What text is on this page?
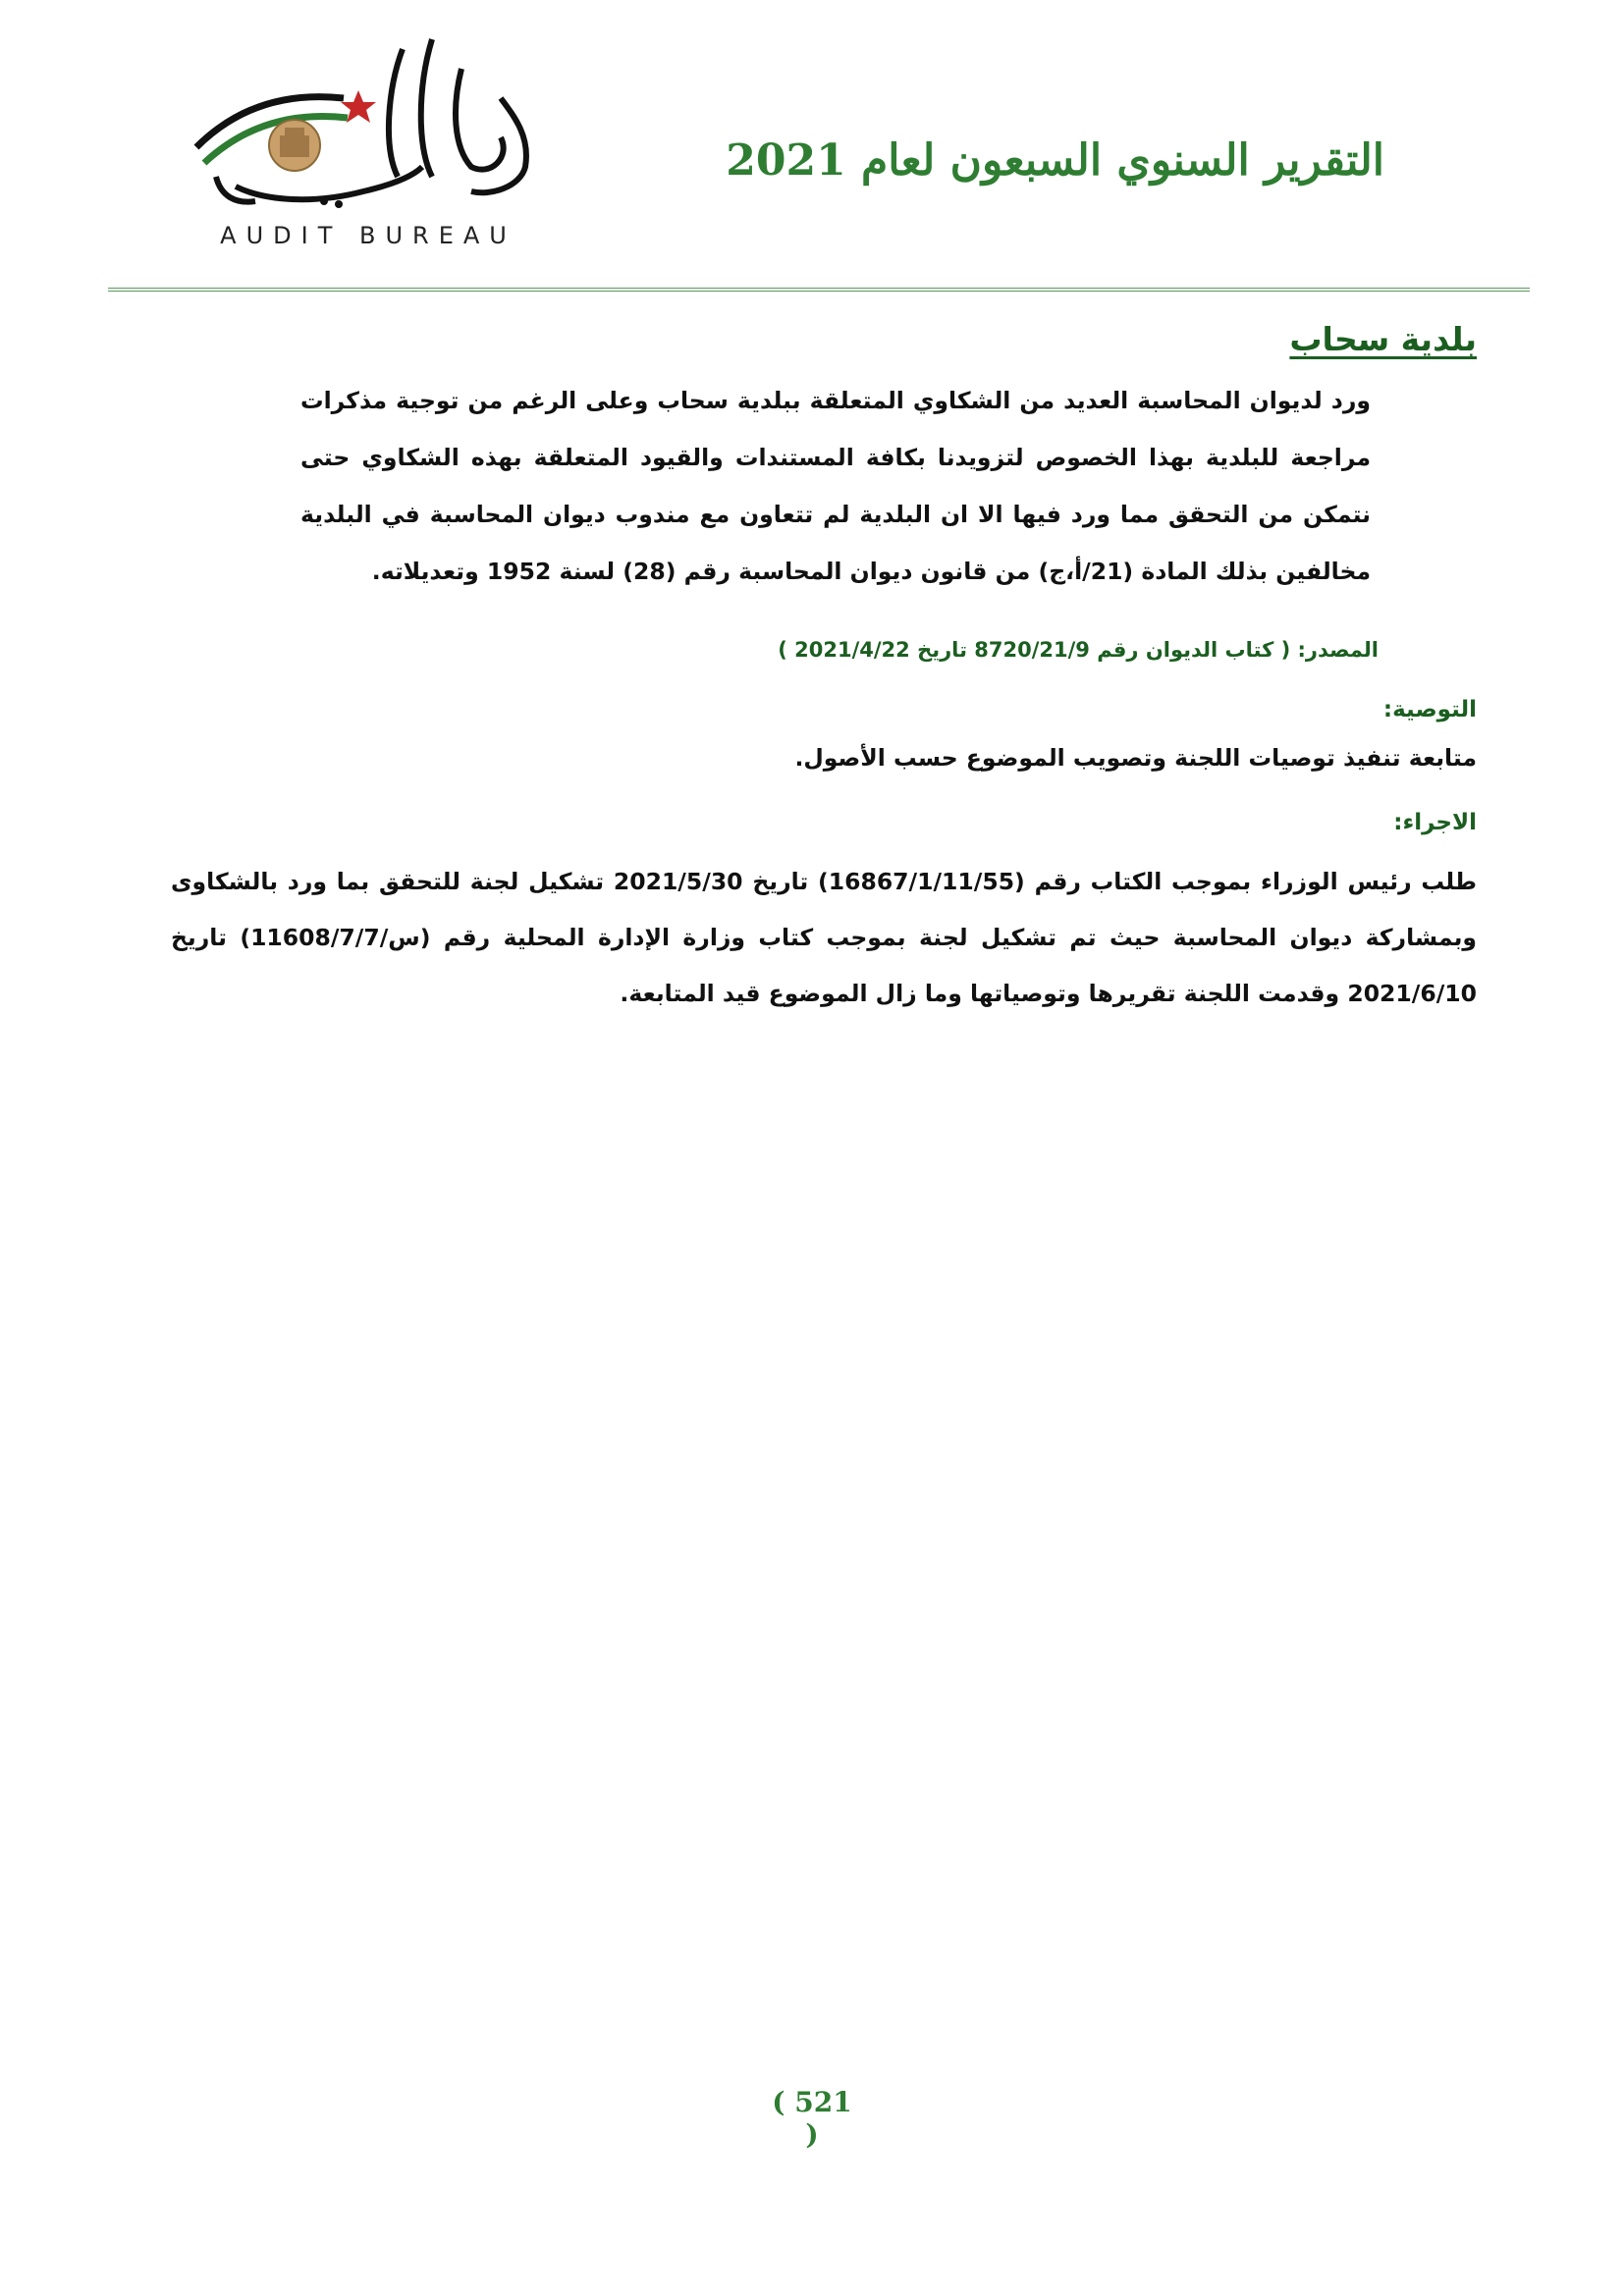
التقرير السنوي السبعون لعام 2021
AUDIT BUREAU
بلدية سحاب
ورد لديوان المحاسبة العديد من الشكاوي المتعلقة ببلدية سحاب وعلى الرغم من توجية مذكرات مراجعة للبلدية بهذا الخصوص لتزويدنا بكافة المستندات والقيود المتعلقة بهذه الشكاوي حتى نتمكن من التحقق مما ورد فيها الا ان البلدية لم تتعاون مع مندوب ديوان المحاسبة في البلدية مخالفين بذلك المادة (21/أ،ج) من قانون ديوان المحاسبة رقم (28) لسنة 1952 وتعديلاته.
المصدر: ( كتاب الديوان رقم 8720/21/9 تاريخ 2021/4/22 )
التوصية:
متابعة تنفيذ توصيات اللجنة وتصويب الموضوع حسب الأصول.
الاجراء:
طلب رئيس الوزراء بموجب الكتاب رقم (16867/1/11/55) تاريخ 2021/5/30 تشكيل لجنة للتحقق بما ورد بالشكاوى وبمشاركة ديوان المحاسبة حيث تم تشكيل لجنة بموجب كتاب وزارة الإدارة المحلية رقم (س/11608/7/7) تاريخ 2021/6/10 وقدمت اللجنة تقريرها وتوصياتها وما زال الموضوع قيد المتابعة.
( 521 )
